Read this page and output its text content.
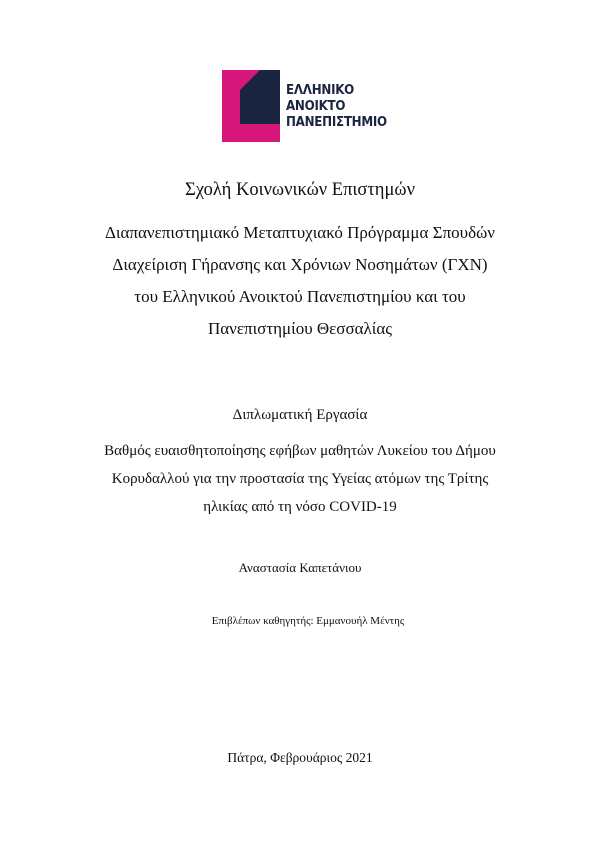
ΕΛΛΗΝΙΚΟ
ΑΝΟΙΚΤΟ
ΠΑΝΕΠΙΣΤΗΜΙΟ
Σχολή Κοινωνικών Επιστημών
Διαπανεπιστημιακό Μεταπτυχιακό Πρόγραμμα Σπουδών
Διαχείριση Γήρανσης και Χρόνιων Νοσημάτων (ΓΧΝ)
του Ελληνικού Ανοικτού Πανεπιστημίου και του
Πανεπιστημίου Θεσσαλίας
Διπλωματική Εργασία
Βαθμός ευαισθητοποίησης εφήβων μαθητών Λυκείου του Δήμου
Κορυδαλλού για την προστασία της Υγείας ατόμων της Τρίτης
ηλικίας από τη νόσο COVID-19
Αναστασία Καπετάνιου
Επιβλέπων καθηγητής: Εμμανουήλ Μέντης
Πάτρα, Φεβρουάριος 2021
